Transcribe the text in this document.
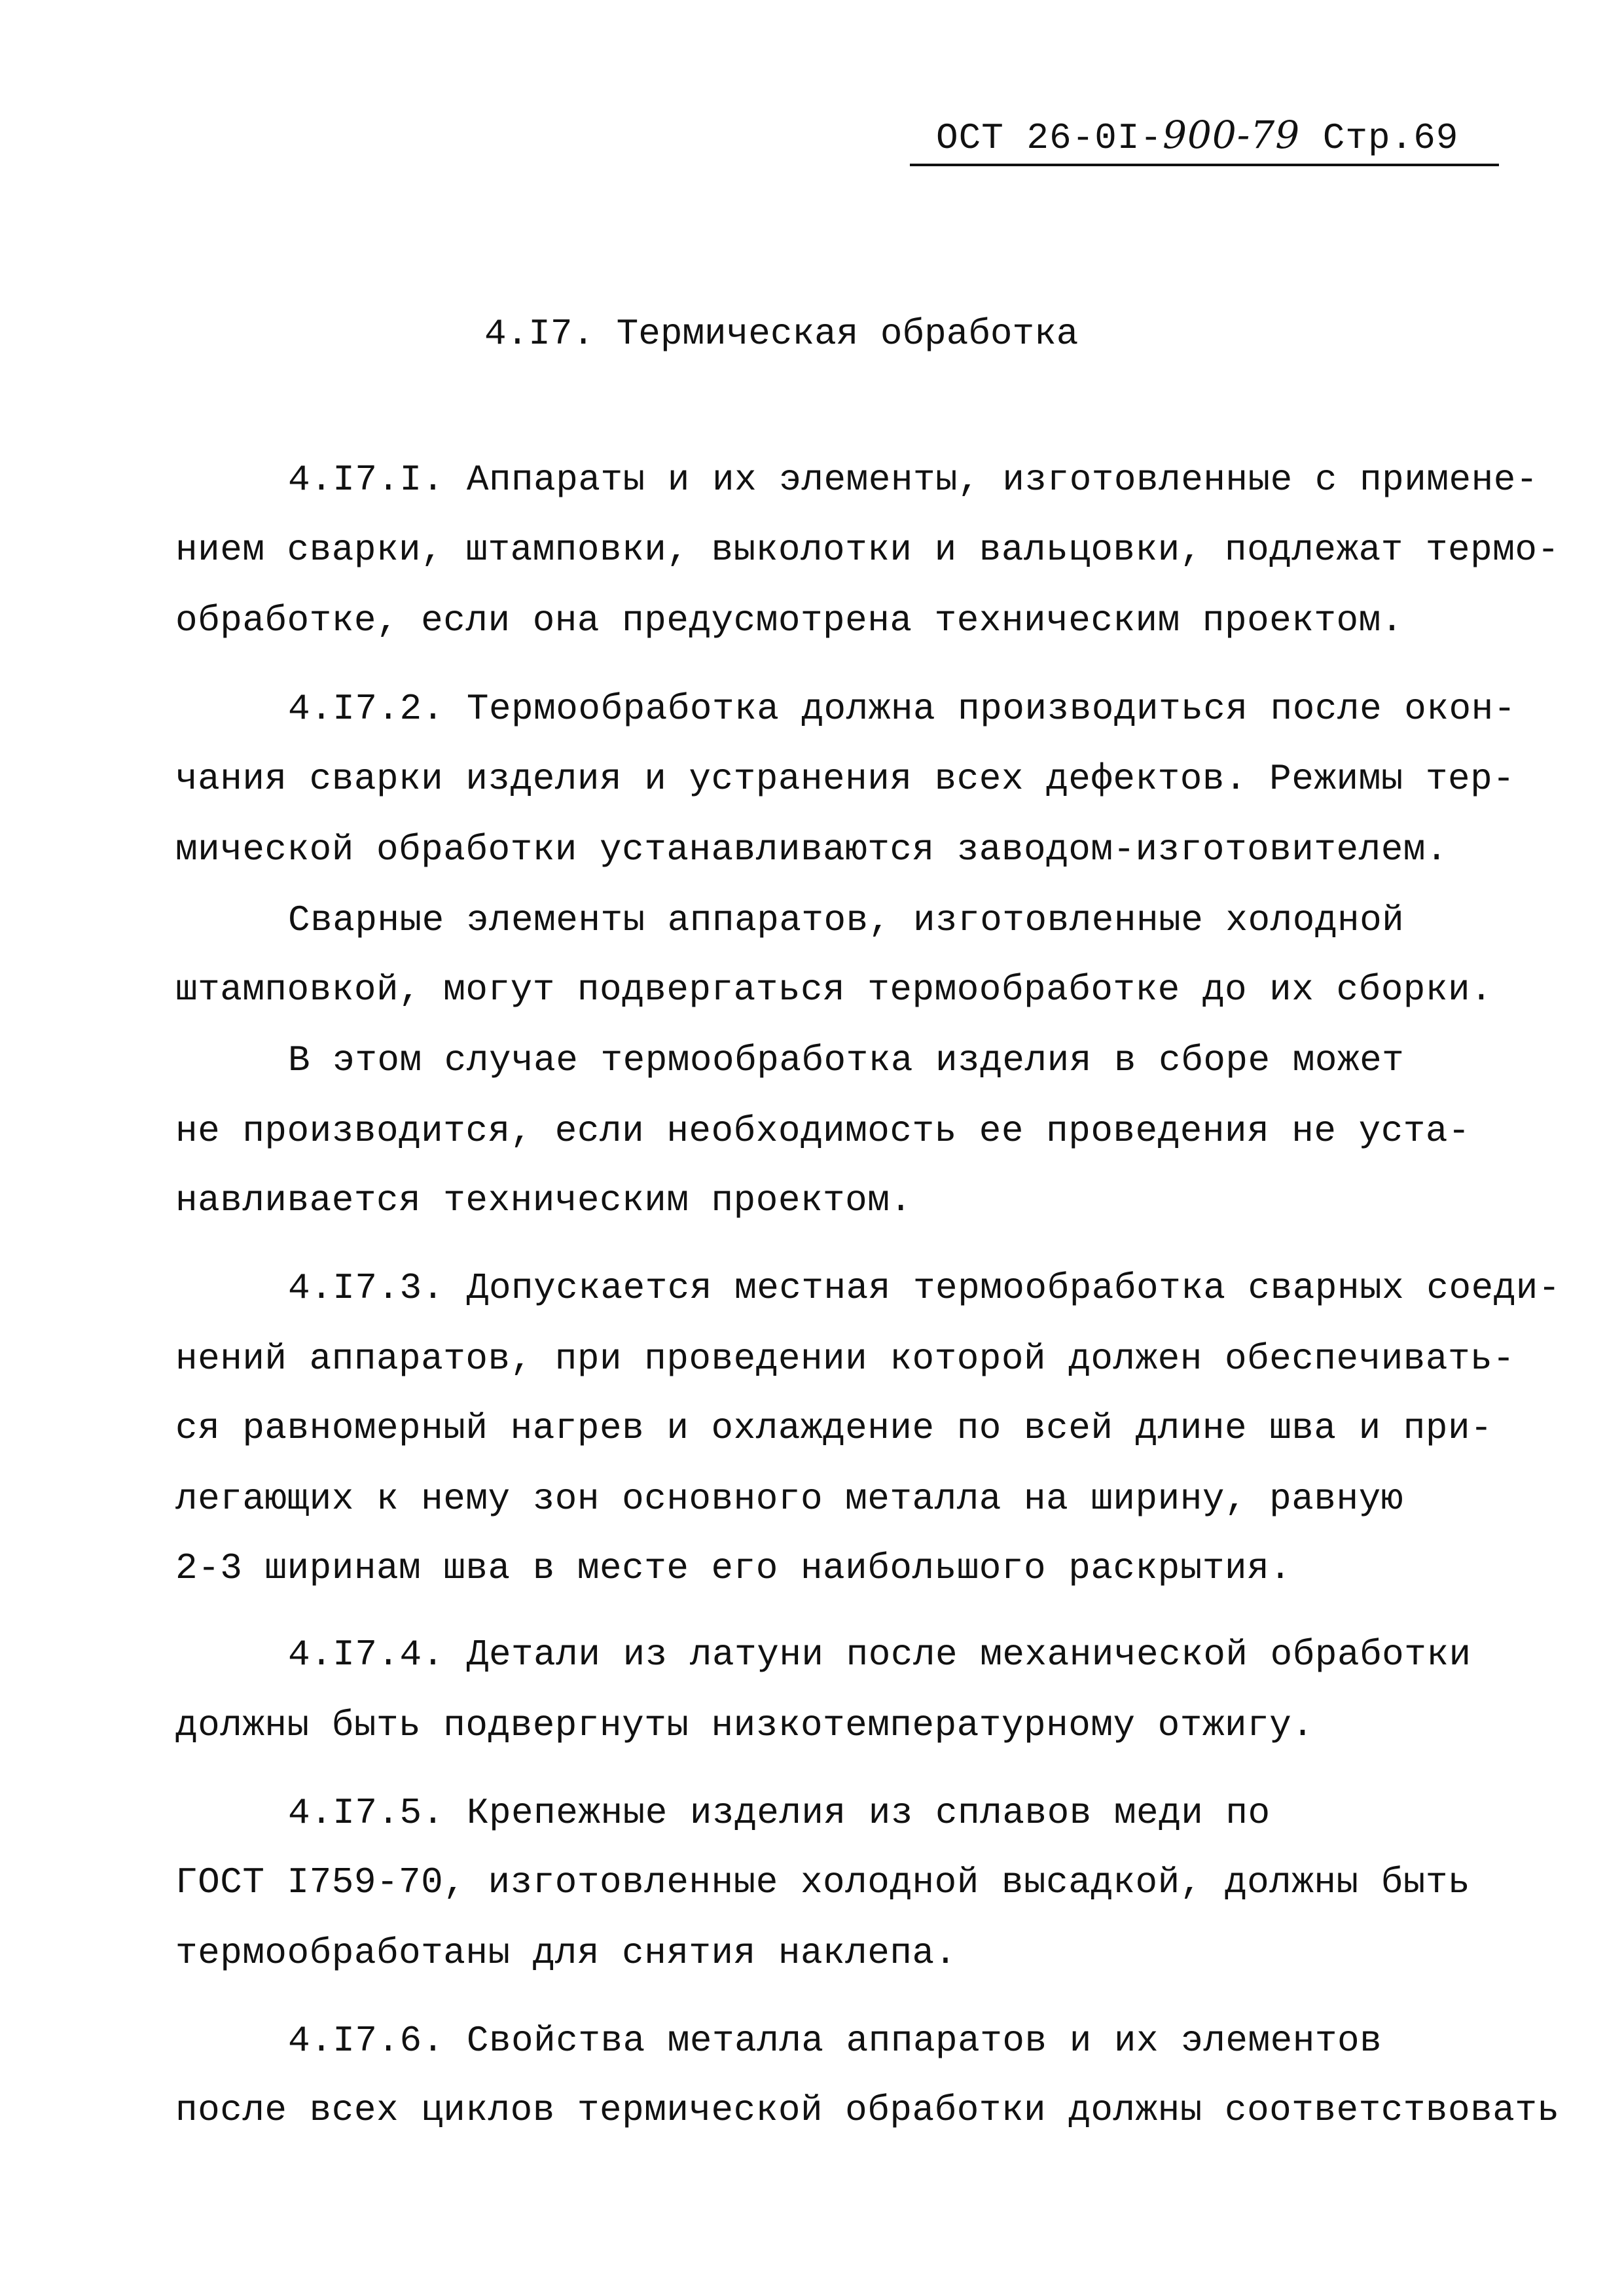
ОСТ 26-0I-900-79 Стр.69
4.I7. Термическая обработка
4.I7.I. Аппараты и их элементы, изготовленные с примене-
нием сварки, штамповки, выколотки и вальцовки, подлежат термо-
обработке, если она предусмотрена техническим проектом.
4.I7.2. Термообработка должна производиться после окон-
чания сварки изделия и устранения всех дефектов. Режимы тер-
мической обработки устанавливаются заводом-изготовителем.
Сварные элементы аппаратов, изготовленные холодной
штамповкой, могут подвергаться термообработке до их сборки.
В этом случае термообработка изделия в сборе может
не производится, если необходимость ее проведения не уста-
навливается техническим проектом.
4.I7.3. Допускается местная термообработка сварных соеди-
нений аппаратов, при проведении которой должен обеспечивать-
ся равномерный нагрев и охлаждение по всей длине шва и при-
легающих к нему зон основного металла на ширину, равную
2-3 ширинам шва в месте его наибольшого раскрытия.
4.I7.4. Детали из латуни после механической обработки
должны быть подвергнуты низкотемпературному отжигу.
4.I7.5. Крепежные изделия из сплавов меди по
ГОСТ I759-70, изготовленные холодной высадкой, должны быть
термообработаны для снятия наклепа.
4.I7.6. Свойства металла аппаратов и их элементов
после всех циклов термической обработки должны соответствовать
